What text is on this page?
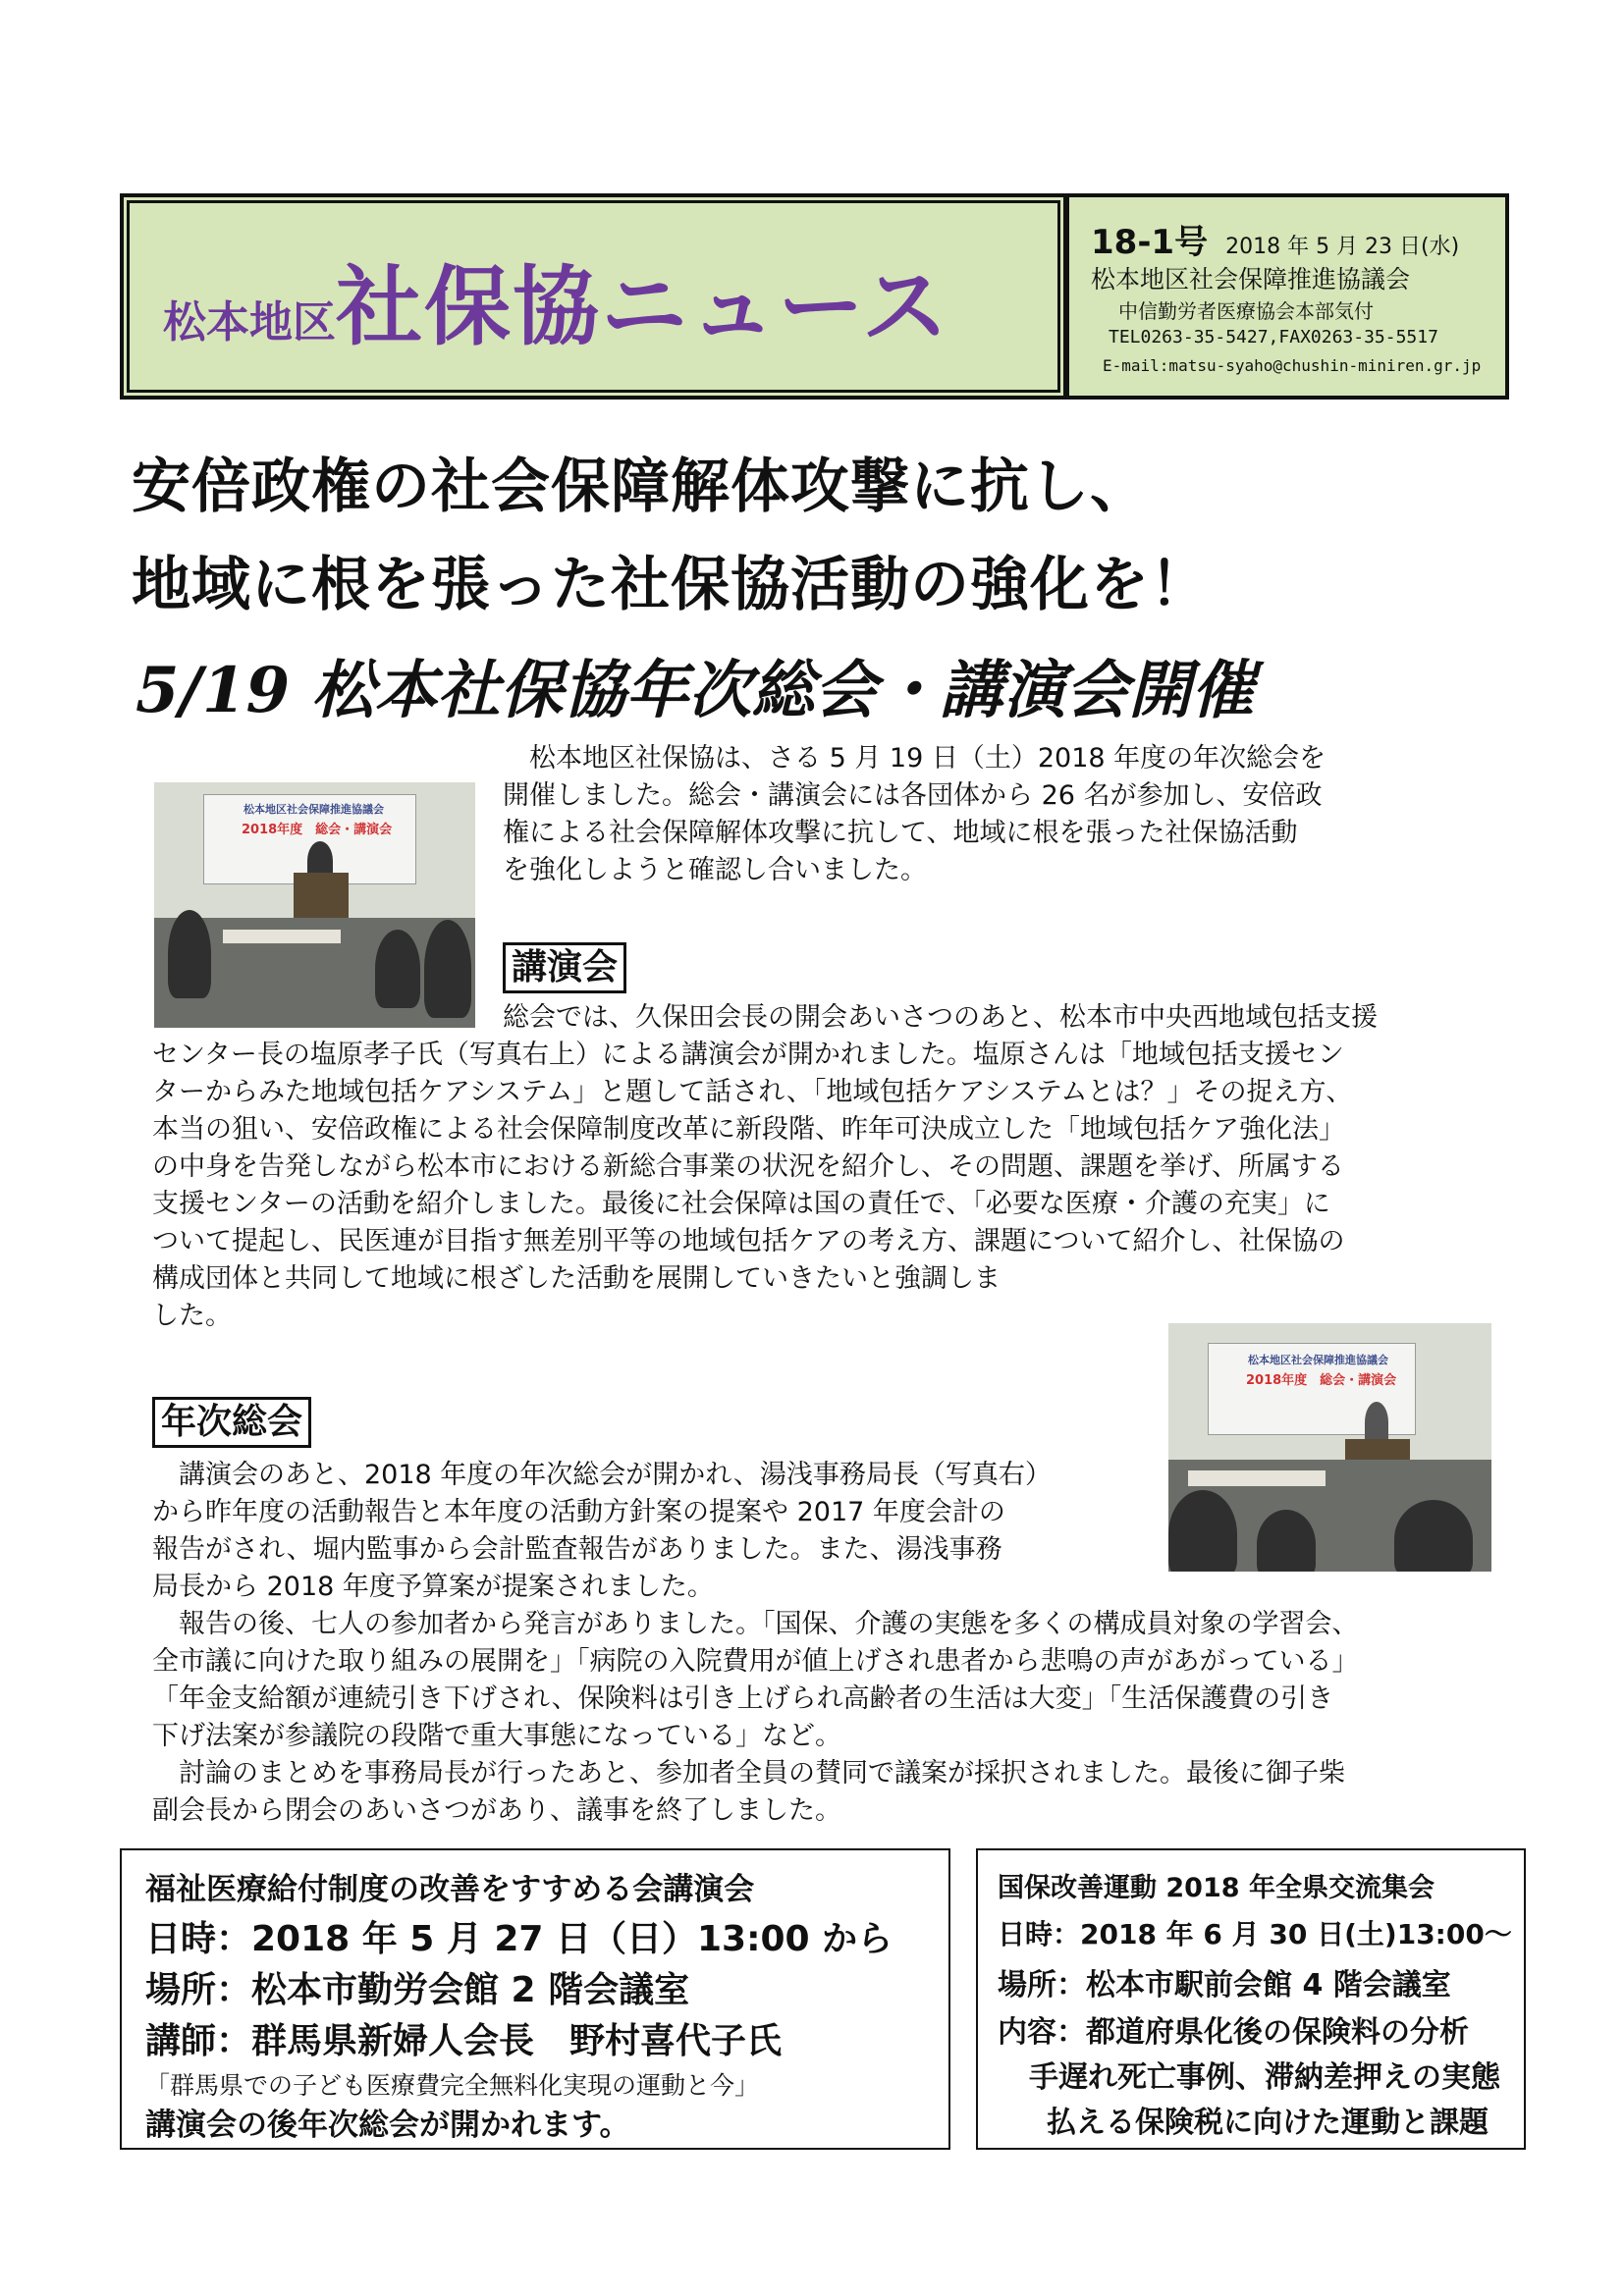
松本地区社保協ニュース
18-1号 2018 年 5 月 23 日(水)
松本地区社会保障推進協議会
中信勤労者医療協会本部気付
TEL0263-35-5427,FAX0263-35-5517
E-mail:matsu-syaho@chushin-miniren.gr.jp
安倍政権の社会保障解体攻撃に抗し、
地域に根を張った社保協活動の強化を！
5/19 松本社保協年次総会・講演会開催
　松本地区社保協は、さる 5 月 19 日（土）2018 年度の年次総会を
開催しました。総会・講演会には各団体から 26 名が参加し、安倍政
権による社会保障解体攻撃に抗して、地域に根を張った社保協活動
を強化しようと確認し合いました。
松本地区社会保障推進協議会
2018年度　総会・講演会
講演会
総会では、久保田会長の開会あいさつのあと、松本市中央西地域包括支援
センター長の塩原孝子氏（写真右上）による講演会が開かれました。塩原さんは「地域包括支援セン
ターからみた地域包括ケアシステム」と題して話され、「地域包括ケアシステムとは？」その捉え方、
本当の狙い、安倍政権による社会保障制度改革に新段階、昨年可決成立した「地域包括ケア強化法」
の中身を告発しながら松本市における新総合事業の状況を紹介し、その問題、課題を挙げ、所属する
支援センターの活動を紹介しました。最後に社会保障は国の責任で、「必要な医療・介護の充実」に
ついて提起し、民医連が目指す無差別平等の地域包括ケアの考え方、課題について紹介し、社保協の
構成団体と共同して地域に根ざした活動を展開していきたいと強調しま
した。
松本地区社会保障推進協議会
2018年度　総会・講演会
年次総会
　講演会のあと、2018 年度の年次総会が開かれ、湯浅事務局長（写真右）
から昨年度の活動報告と本年度の活動方針案の提案や 2017 年度会計の
報告がされ、堀内監事から会計監査報告がありました。また、湯浅事務
局長から 2018 年度予算案が提案されました。
　報告の後、七人の参加者から発言がありました。「国保、介護の実態を多くの構成員対象の学習会、
全市議に向けた取り組みの展開を」「病院の入院費用が値上げされ患者から悲鳴の声があがっている」
「年金支給額が連続引き下げされ、保険料は引き上げられ高齢者の生活は大変」「生活保護費の引き
下げ法案が参議院の段階で重大事態になっている」など。
　討論のまとめを事務局長が行ったあと、参加者全員の賛同で議案が採択されました。最後に御子柴
副会長から閉会のあいさつがあり、議事を終了しました。
福祉医療給付制度の改善をすすめる会講演会
日時：2018 年 5 月 27 日（日）13:00 から
場所：松本市勤労会館 2 階会議室
講師：群馬県新婦人会長　野村喜代子氏
「群馬県での子ども医療費完全無料化実現の運動と今」
講演会の後年次総会が開かれます。
国保改善運動 2018 年全県交流集会
日時：2018 年 6 月 30 日(土)13:00～
場所：松本市駅前会館 4 階会議室
内容：都道府県化後の保険料の分析
手遅れ死亡事例、滞納差押えの実態
払える保険税に向けた運動と課題
